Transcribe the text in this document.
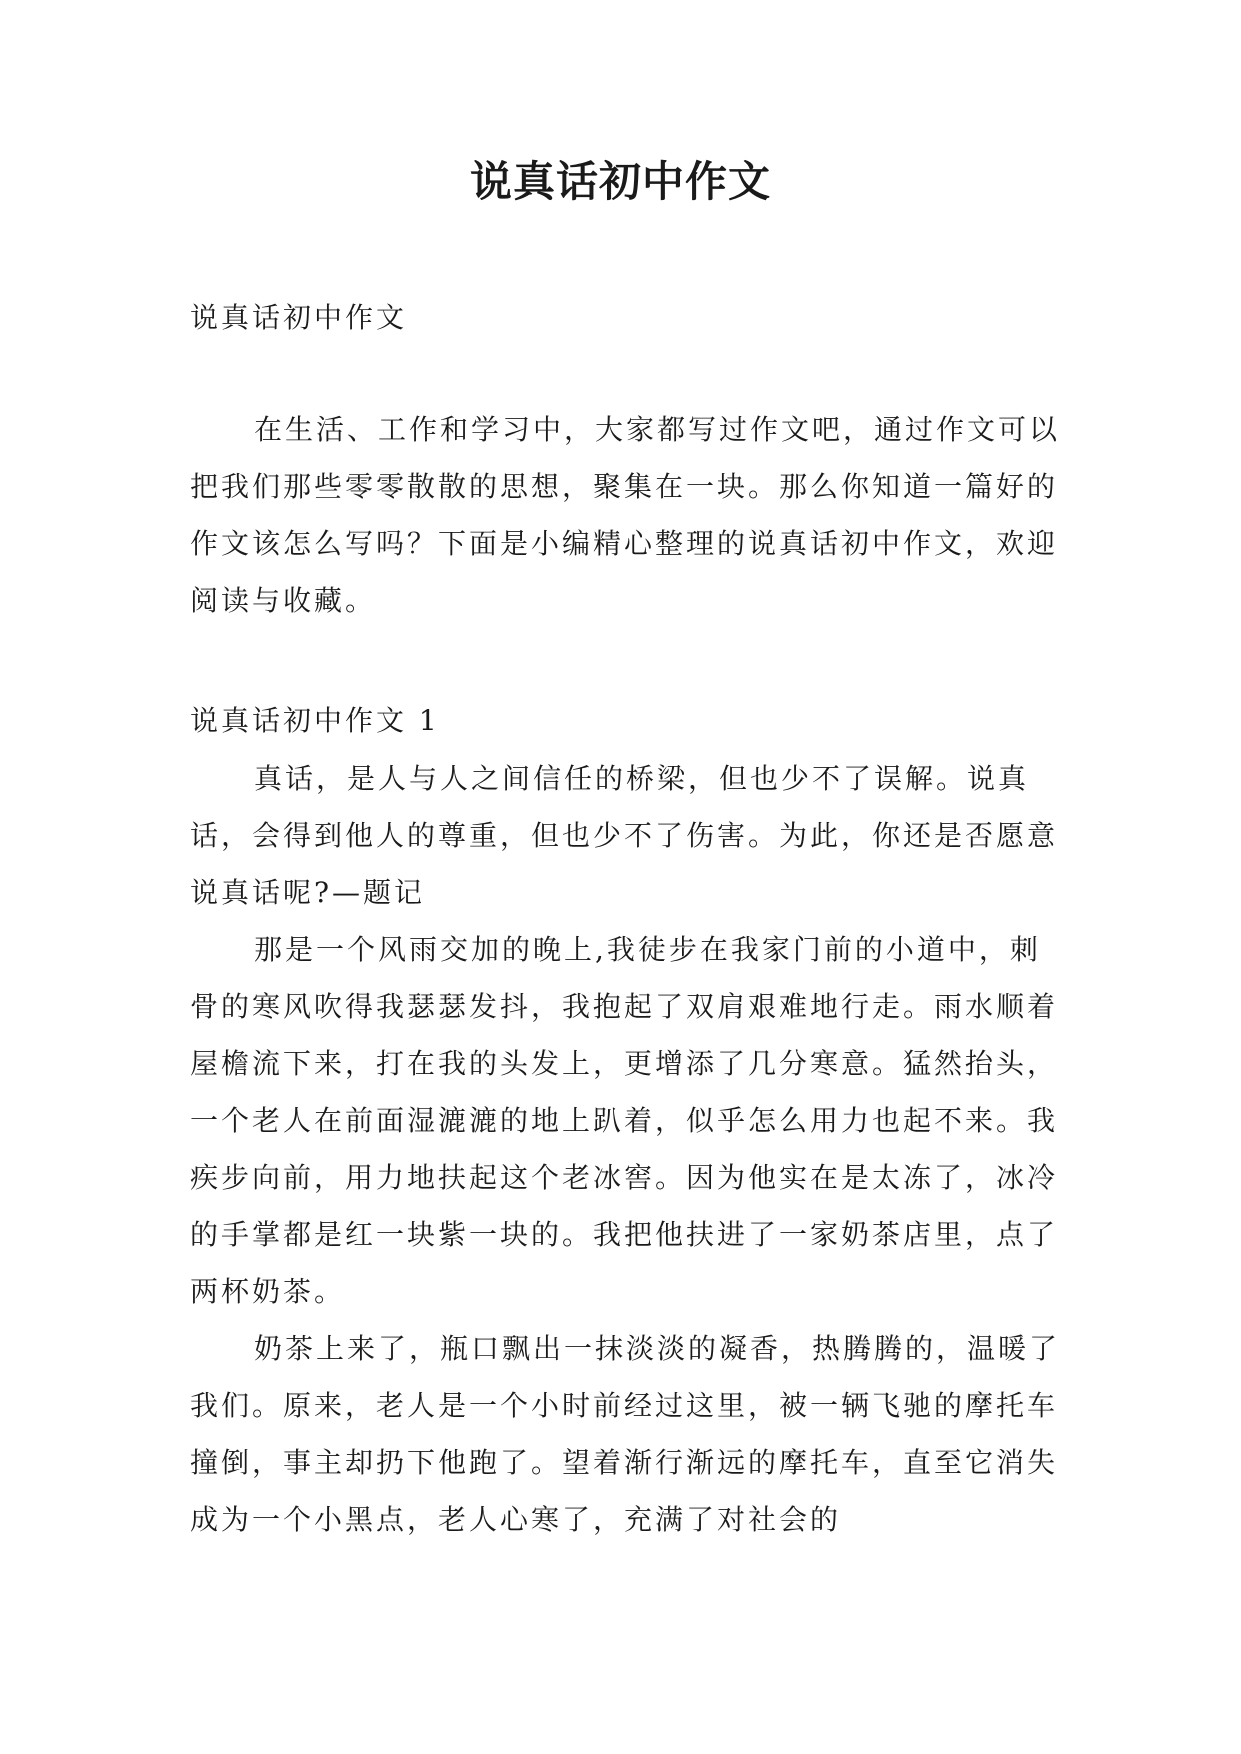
说真话初中作文
说真话初中作文

在生活、工作和学习中，大家都写过作文吧，通过作文可以把我们那些零零散散的思想，聚集在一块。那么你知道一篇好的作文该怎么写吗？下面是小编精心整理的说真话初中作文，欢迎阅读与收藏。

说真话初中作文 1

真话，是人与人之间信任的桥梁，但也少不了误解。说真话，会得到他人的尊重，但也少不了伤害。为此，你还是否愿意说真话呢?—题记

那是一个风雨交加的晚上,我徒步在我家门前的小道中，刺骨的寒风吹得我瑟瑟发抖，我抱起了双肩艰难地行走。雨水顺着屋檐流下来，打在我的头发上，更增添了几分寒意。猛然抬头，一个老人在前面湿漉漉的地上趴着，似乎怎么用力也起不来。我疾步向前，用力地扶起这个老冰窖。因为他实在是太冻了，冰冷的手掌都是红一块紫一块的。我把他扶进了一家奶茶店里，点了两杯奶茶。

奶茶上来了，瓶口飘出一抹淡淡的凝香，热腾腾的，温暖了我们。原来，老人是一个小时前经过这里，被一辆飞驰的摩托车撞倒，事主却扔下他跑了。望着渐行渐远的摩托车，直至它消失成为一个小黑点，老人心寒了，充满了对社会的
